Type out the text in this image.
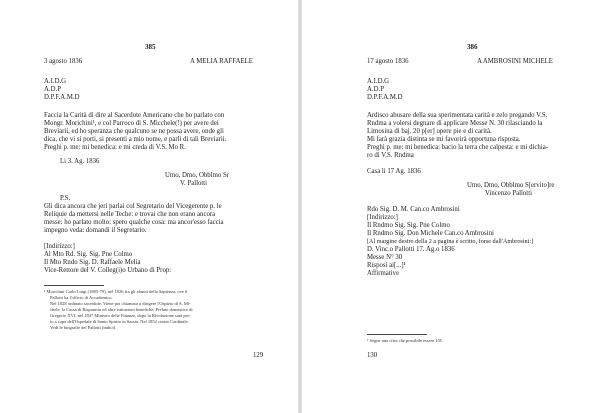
385
3 agosto 1836	A MELIA RAFFAELE
A.I.D.G
A.D.P
D.P.F.A.M.D
Faccia la Carità di dire al Sacerdote Americano che ho parlato con
Mongr. Morichini¹, e col Parroco di S. Micchele(!) per avere dei
Breviarii, ed ho speranza che qualcuno se ne possa avere, onde gli
dica, che vi si porti, si presenti a mio nome, e parli di tali Breviarii.
Preghi p. me: mi benedica: e mi creda di V.S. Mo R.
Li 3. Ag. 1836
Umo, Dmo, Obblmo Sr
V. Pallotti
P.S.
Gli dica ancora che jeri parlai col Segretario del Vicegerente p. le
Reliquie da mettersi nelle Teche: e trovai che non erano ancora
messe: ho parlato molto: spero qualche cosa: ma ancor'esso faccia
impegno veda: domandi il Segretario.
[Indirizzo:]
Al Mto Rd. Sig. Sig. Pne Colmo
Il Mto Rndo Sig. D. Raffaele Melia
Vice-Rettore del V. Colleg(i)o Urbano di Prop:
¹ Morichini Carlo Luigi (1805-79), nel 1826 fra gli alunni della Sapienza, ove il
Pallotti ha l'officio di Accademico.
Nel 1828 ordinato sacerdote. Viene poi chiamato a dirigere l'Ospizio di S. Mi-
chele, la Cassa di Risparmio ed altre istituzioni benefiche. Prelato domestico di
Gregorio XVI, nel 1847 Ministro delle Finanze, dopo la Rivoluzione sarà pro-
to a capo dell'Ospedale di Santo Spirito in Sassia. Nel 1852 creato Cardinale.
Vedi le biografie del Pallotti (indici).
129
386
17 agosto 1836	A AMBROSINI MICHELE
A.I.D.G
A.D.P
D.P.F.A.M.D
Ardisco abusare della sua sperimentata carità e zelo pregando V.S.
Rndma a volersi degnare di applicare Messe N. 30 rilasciando la
Limosina di baj. 20 p[er] opere pie e di carità.
Mi farà grazia distinta se mi favorirà opportuna risposta.
Preghi p. me: mi benedica: bacio la terra che calpesta: e mi dichia-
ro di V.S. Rndma
Casa li 17 Ag. 1836
Umo, Dmo, Obblmo S[ervito]re
Vincenzo Pallotti
Rdo Sig. D. M. Can.co Ambrosini
[Indirizzo:]
Il Rndmo Sig. Sig. Pne Colmo
Il Rndmo Sig. Don Michele Can.co Ambrosini
[Al margine destro della 2 a pagina è scritto, forse dall'Ambrosini:]
D. Vinc.o Pallotti 17. Ag.o 1836
Messe N° 30
Risposi ai[...]¹
Affirmative
¹ Segue una cifra che possibile essere 10¢.
130
